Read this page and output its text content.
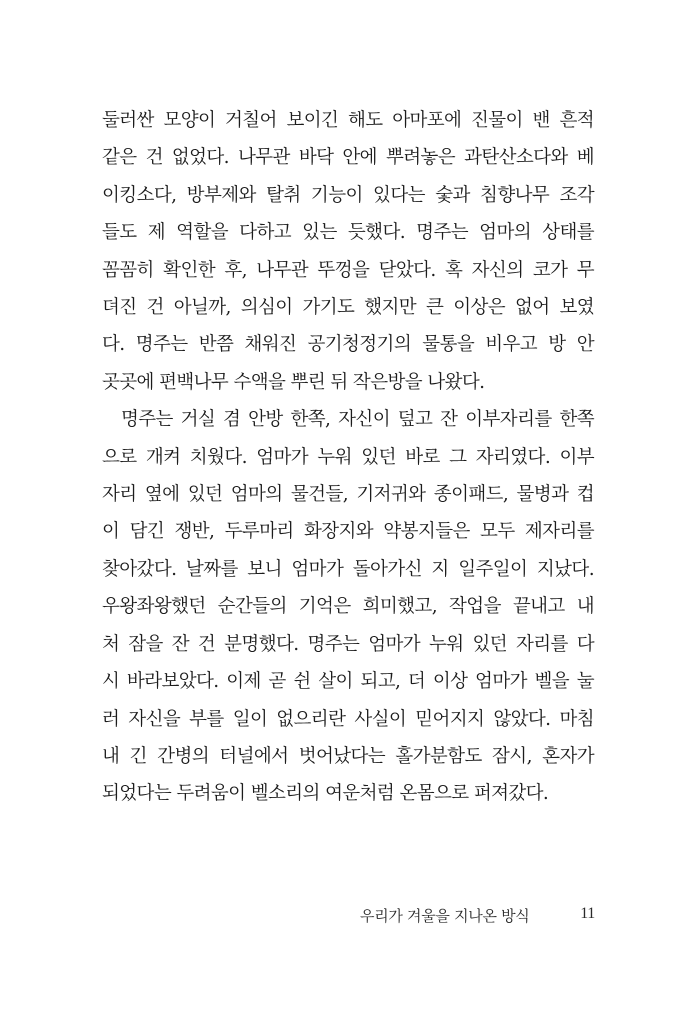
둘러싼 모양이 거칠어 보이긴 해도 아마포에 진물이 밴 흔적
같은 건 없었다. 나무관 바닥 안에 뿌려놓은 과탄산소다와 베
이킹소다, 방부제와 탈취 기능이 있다는 숯과 침향나무 조각
들도 제 역할을 다하고 있는 듯했다. 명주는 엄마의 상태를
꼼꼼히 확인한 후, 나무관 뚜껑을 닫았다. 혹 자신의 코가 무
뎌진 건 아닐까, 의심이 가기도 했지만 큰 이상은 없어 보였
다. 명주는 반쯤 채워진 공기청정기의 물통을 비우고 방 안
곳곳에 편백나무 수액을 뿌린 뒤 작은방을 나왔다.
명주는 거실 겸 안방 한쪽, 자신이 덮고 잔 이부자리를 한쪽
으로 개켜 치웠다. 엄마가 누워 있던 바로 그 자리였다. 이부
자리 옆에 있던 엄마의 물건들, 기저귀와 종이패드, 물병과 컵
이 담긴 쟁반, 두루마리 화장지와 약봉지들은 모두 제자리를
찾아갔다. 날짜를 보니 엄마가 돌아가신 지 일주일이 지났다.
우왕좌왕했던 순간들의 기억은 희미했고, 작업을 끝내고 내
처 잠을 잔 건 분명했다. 명주는 엄마가 누워 있던 자리를 다
시 바라보았다. 이제 곧 쉰 살이 되고, 더 이상 엄마가 벨을 눌
러 자신을 부를 일이 없으리란 사실이 믿어지지 않았다. 마침
내 긴 간병의 터널에서 벗어났다는 홀가분함도 잠시, 혼자가
되었다는 두려움이 벨소리의 여운처럼 온몸으로 퍼져갔다.
우리가 겨울을 지나온 방식	11
